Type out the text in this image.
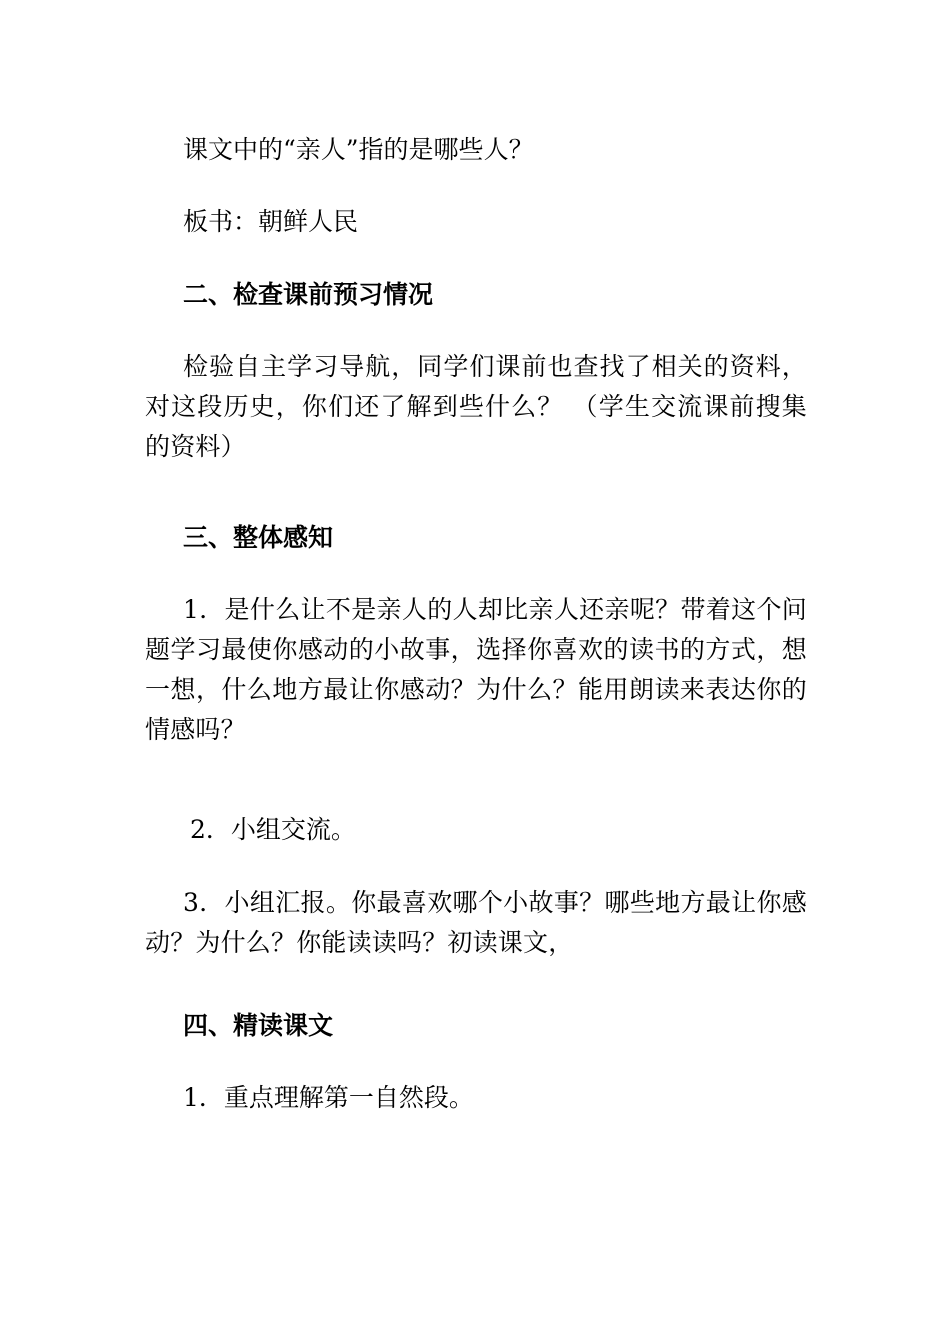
课文中的“亲人”指的是哪些人？
板书：朝鲜人民
二、检查课前预习情况
检验自主学习导航，同学们课前也查找了相关的资料，对这段历史，你们还了解到些什么？ （学生交流课前搜集的资料）
三、整体感知
1．是什么让不是亲人的人却比亲人还亲呢？带着这个问题学习最使你感动的小故事，选择你喜欢的读书的方式，想一想，什么地方最让你感动？为什么？能用朗读来表达你的情感吗？
2．小组交流。
3．小组汇报。你最喜欢哪个小故事？哪些地方最让你感动？为什么？你能读读吗？初读课文，
四、精读课文
1．重点理解第一自然段。
